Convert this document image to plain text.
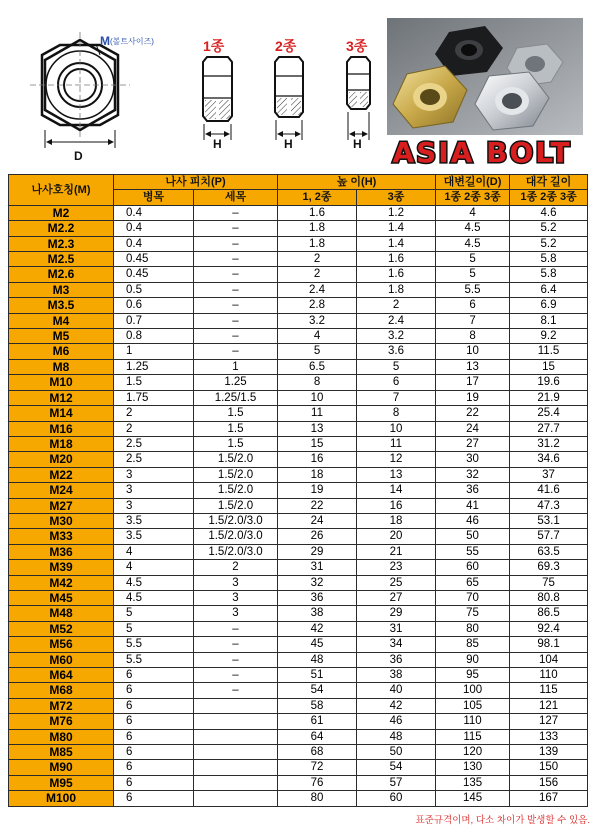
M(볼트사이즈)
D
1종
H
2종
H
3종
H ASIA BOLT
나사호칭(M)	나사 피치(P)		높 이(H)		대변길이(D)	대각 길이
	병목	세목	1, 2종	3종	1종 2종 3종	1종 2종 3종
M2	0.4	–	1.6	1.2	4	4.6
M2.2	0.4	–	1.8	1.4	4.5	5.2
M2.3	0.4	–	1.8	1.4	4.5	5.2
M2.5	0.45	–	2	1.6	5	5.8
M2.6	0.45	–	2	1.6	5	5.8
M3	0.5	–	2.4	1.8	5.5	6.4
M3.5	0.6	–	2.8	2	6	6.9
M4	0.7	–	3.2	2.4	7	8.1
M5	0.8	–	4	3.2	8	9.2
M6	1	–	5	3.6	10	11.5
M8	1.25	1	6.5	5	13	15
M10	1.5	1.25	8	6	17	19.6
M12	1.75	1.25/1.5	10	7	19	21.9
M14	2	1.5	11	8	22	25.4
M16	2	1.5	13	10	24	27.7
M18	2.5	1.5	15	11	27	31.2
M20	2.5	1.5/2.0	16	12	30	34.6
M22	3	1.5/2.0	18	13	32	37
M24	3	1.5/2.0	19	14	36	41.6
M27	3	1.5/2.0	22	16	41	47.3
M30	3.5	1.5/2.0/3.0	24	18	46	53.1
M33	3.5	1.5/2.0/3.0	26	20	50	57.7
M36	4	1.5/2.0/3.0	29	21	55	63.5
M39	4	2	31	23	60	69.3
M42	4.5	3	32	25	65	75
M45	4.5	3	36	27	70	80.8
M48	5	3	38	29	75	86.5
M52	5	–	42	31	80	92.4
M56	5.5	–	45	34	85	98.1
M60	5.5	–	48	36	90	104
M64	6	–	51	38	95	110
M68	6	–	54	40	100	115
M72	6		58	42	105	121
M76	6		61	46	110	127
M80	6		64	48	115	133
M85	6		68	50	120	139
M90	6		72	54	130	150
M95	6		76	57	135	156
M100	6		80	60	145	167
표준규격이며, 다소 차이가 발생할 수 있음.
